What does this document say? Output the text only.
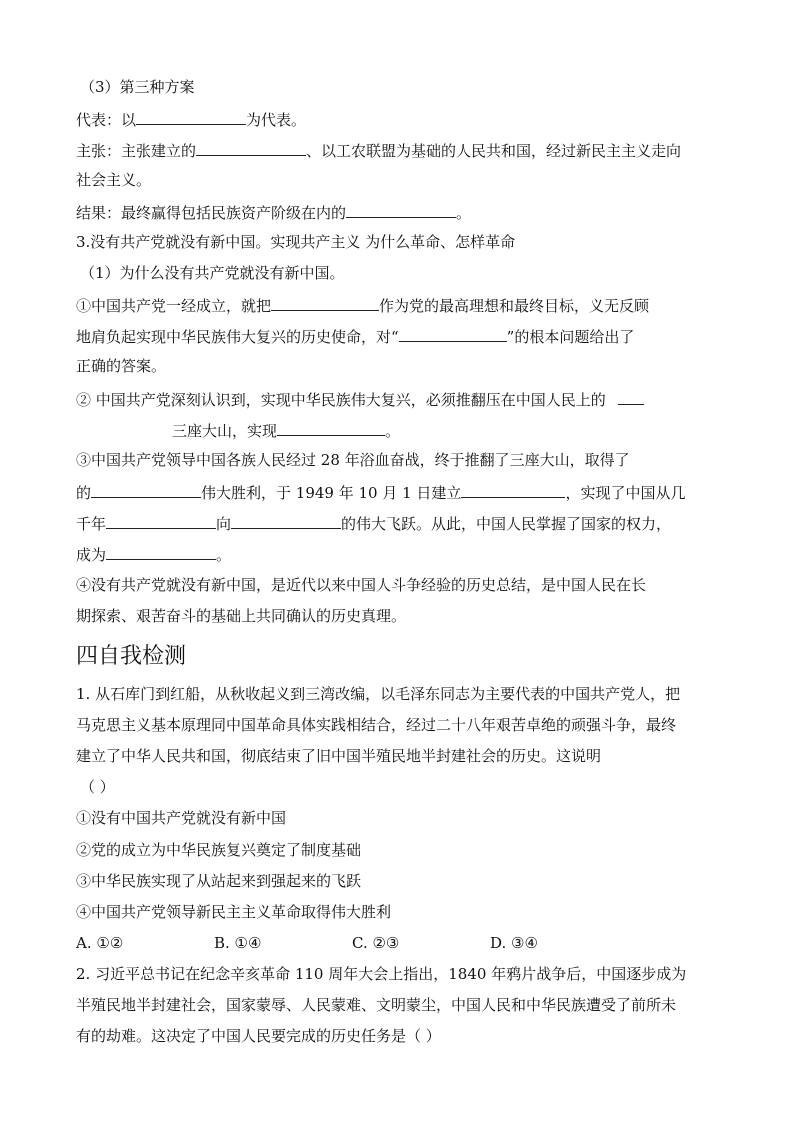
（3）第三种方案
代表：以	为代表。
主张：主张建立的	、以工农联盟为基础的人民共和国，经过新民主主义走向
社会主义。
结果：最终赢得包括民族资产阶级在内的	。
3.没有共产党就没有新中国。实现共产主义 为什么革命、怎样革命
（1）为什么没有共产党就没有新中国。
①中国共产党一经成立，就把	作为党的最高理想和最终目标，义无反顾
地肩负起实现中华民族伟大复兴的历史使命，对“	”的根本问题给出了
正确的答案。
② 中国共产党深刻认识到，实现中华民族伟大复兴，必须推翻压在中国人民上的
三座大山，实现	。
③中国共产党领导中国各族人民经过 28 年浴血奋战，终于推翻了三座大山，取得了
的	伟大胜利，于 1949 年 10 月 1 日建立	，实现了中国从几
千年	向	的伟大飞跃。从此，中国人民掌握了国家的权力，
成为	。
④没有共产党就没有新中国，是近代以来中国人斗争经验的历史总结，是中国人民在长
期探索、艰苦奋斗的基础上共同确认的历史真理。
四自我检测
1. 从石库门到红船，从秋收起义到三湾改编，以毛泽东同志为主要代表的中国共产党人，把
马克思主义基本原理同中国革命具体实践相结合，经过二十八年艰苦卓绝的顽强斗争，最终
建立了中华人民共和国，彻底结束了旧中国半殖民地半封建社会的历史。这说明
（ ）
①没有中国共产党就没有新中国
②党的成立为中华民族复兴奠定了制度基础
③中华民族实现了从站起来到强起来的飞跃
④中国共产党领导新民主主义革命取得伟大胜利
A. ①②	B. ①④	C. ②③	D. ③④
2. 习近平总书记在纪念辛亥革命 110 周年大会上指出，1840 年鸦片战争后，中国逐步成为
半殖民地半封建社会，国家蒙辱、人民蒙难、文明蒙尘，中国人民和中华民族遭受了前所未
有的劫难。这决定了中国人民要完成的历史任务是（ ）
